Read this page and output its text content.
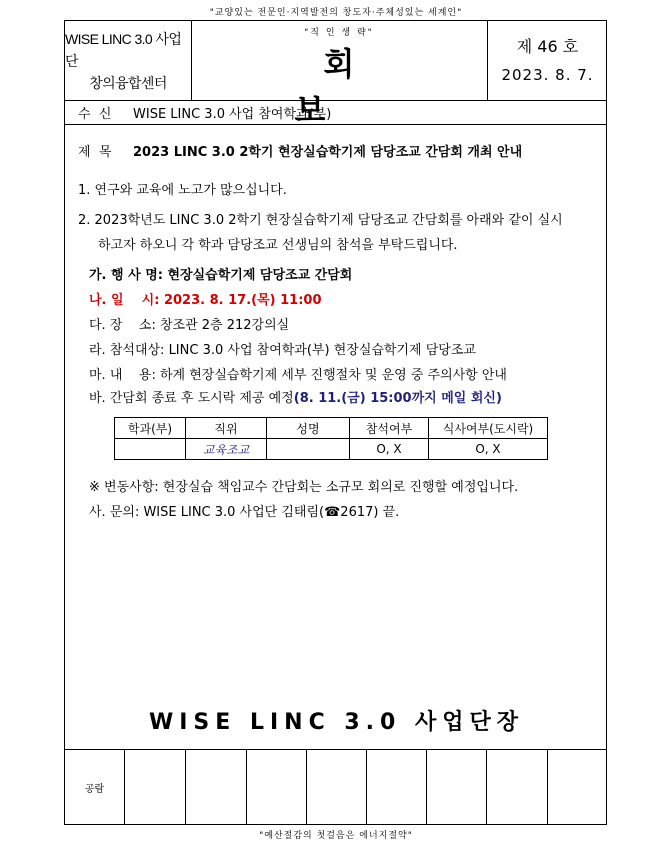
"교양있는 전문인·지역발전의 창도자·주체성있는 세계인"
WISE LINC 3.0 사업단
창의융합센터
"직 인 생 략"
회 보
제 46 호
2023. 8. 7.
수  신 WISE LINC 3.0 사업 참여학과(부)
제  목 2023 LINC 3.0 2학기 현장실습학기제 담당조교 간담회 개최 안내
1. 연구와 교육에 노고가 많으십니다.
2. 2023학년도 LINC 3.0 2학기 현장실습학기제 담당조교 간담회를 아래와 같이 실시
하고자 하오니 각 학과 담당조교 선생님의 참석을 부탁드립니다.
가. 행 사 명: 현장실습학기제 담당조교 간담회
나. 일    시: 2023. 8. 17.(목) 11:00
다. 장    소: 창조관 2층 212강의실
라. 참석대상: LINC 3.0 사업 참여학과(부) 현장실습학기제 담당조교
마. 내    용: 하계 현장실습학기제 세부 진행절차 및 운영 중 주의사항 안내
바. 간담회 종료 후 도시락 제공 예정(8. 11.(금) 15:00까지 메일 회신)
학과(부)	직위	성명	참석여부	식사여부(도시락)
	교육조교		O, X	O, X
※ 변동사항: 현장실습 책임교수 간담회는 소규모 회의로 진행할 예정입니다.
사. 문의: WISE LINC 3.0 사업단 김태림(☎2617) 끝.
WISE LINC 3.0 사업단장
공람
"예산절감의 첫걸음은 에너지절약"
